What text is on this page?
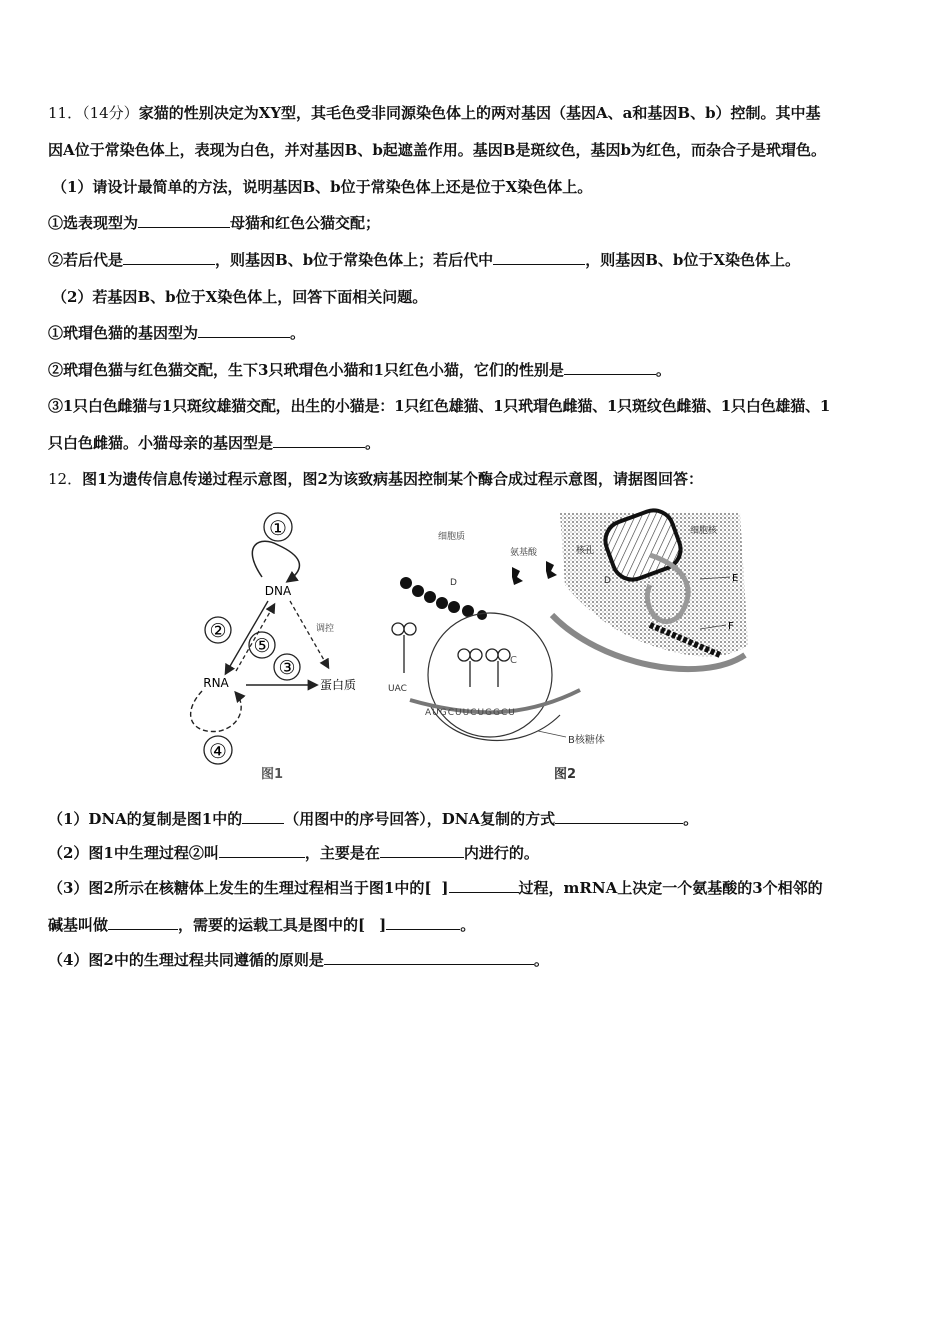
11．（14分）家猫的性别决定为XY型，其毛色受非同源染色体上的两对基因（基因A、a和基因B、b）控制。其中基
因A位于常染色体上，表现为白色，并对基因B、b起遮盖作用。基因B是斑纹色，基因b为红色，而杂合子是玳瑁色。
（1）请设计最简单的方法，说明基因B、b位于常染色体上还是位于X染色体上。
①选表现型为	母猫和红色公猫交配；
②若后代是	，则基因B、b位于常染色体上；若后代中	，则基因B、b位于X染色体上。
（2）若基因B、b位于X染色体上，回答下面相关问题。
①玳瑁色猫的基因型为	。
②玳瑁色猫与红色猫交配，生下3只玳瑁色小猫和1只红色小猫，它们的性别是	。
③1只白色雌猫与1只斑纹雄猫交配，出生的小猫是：1只红色雄猫、1只玳瑁色雌猫、1只斑纹色雌猫、1只白色雄猫、1
只白色雌猫。小猫母亲的基因型是	。
12．图1为遗传信息传递过程示意图，图2为该致病基因控制某个酶合成过程示意图，请据图回答：
①
DNA
调控
②
⑤
③
RNA	蛋白质
④
图1
细胞核
核孔
D	E
F
细胞质
氨基酸
D
AUGCUUCUGGCU
C
UAC
B核糖体
图2
（1）DNA的复制是图1中的	（用图中的序号回答），DNA复制的方式	。
（2）图1中生理过程②叫	，主要是在	内进行的。
（3）图2所示在核糖体上发生的生理过程相当于图1中的[ ]	过程，mRNA上决定一个氨基酸的3个相邻的
碱基叫做	，需要的运载工具是图中的[ ]	。
（4）图2中的生理过程共同遵循的原则是	。
